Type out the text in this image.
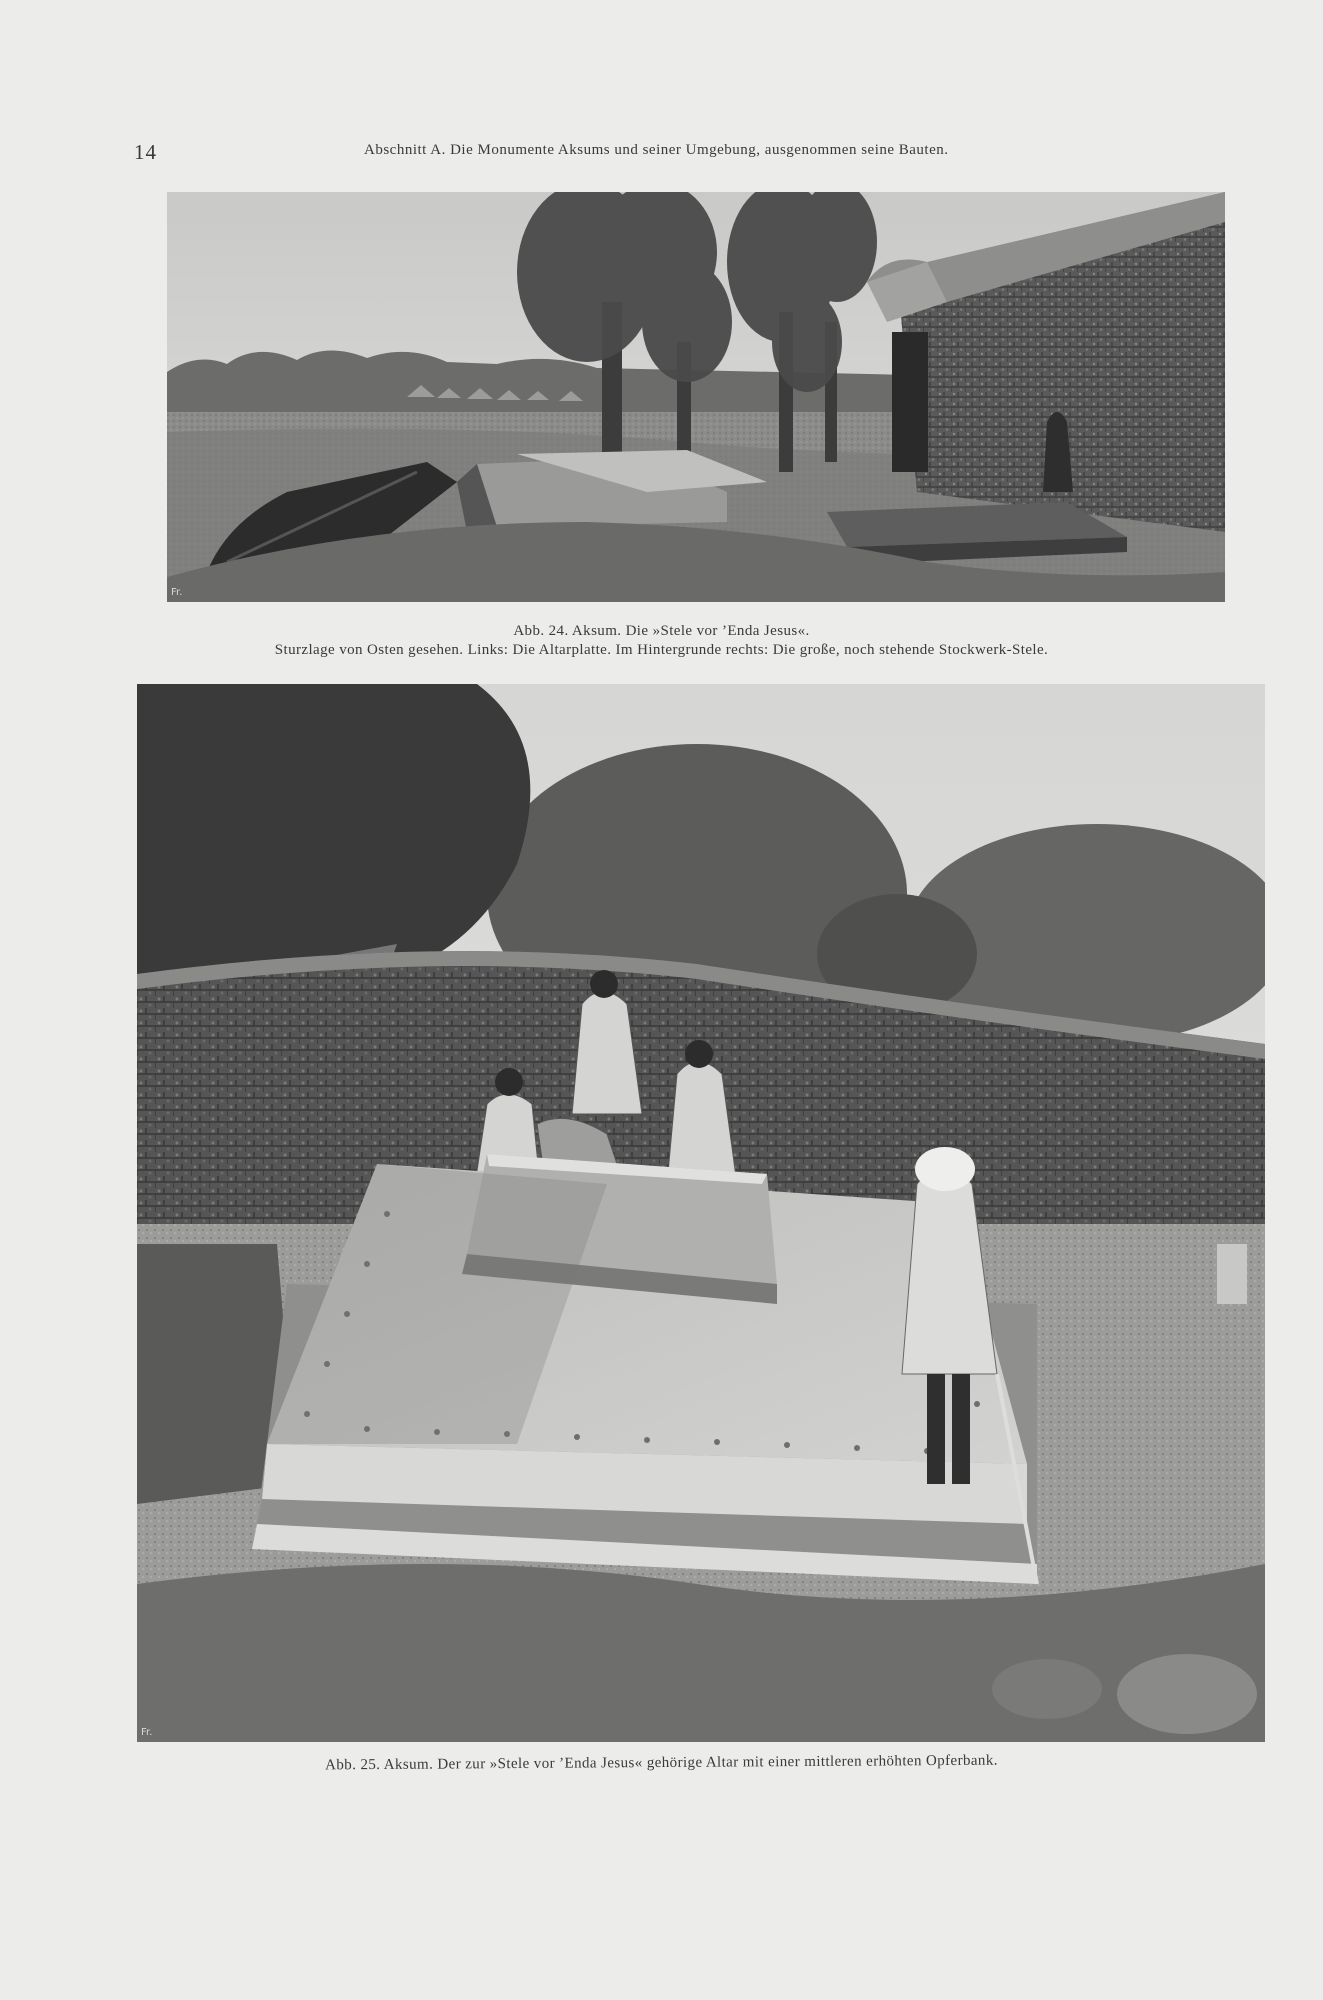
14	Abschnitt A. Die Monumente Aksums und seiner Umgebung, ausgenommen seine Bauten.
Fr.
Abb. 24. Aksum. Die »Stele vor ’Enda Jesus«.
Sturzlage von Osten gesehen. Links: Die Altarplatte. Im Hintergrunde rechts: Die große, noch stehende Stockwerk-Stele.
Fr.
Abb. 25. Aksum. Der zur »Stele vor ’Enda Jesus« gehörige Altar mit einer mittleren erhöhten Opferbank.
